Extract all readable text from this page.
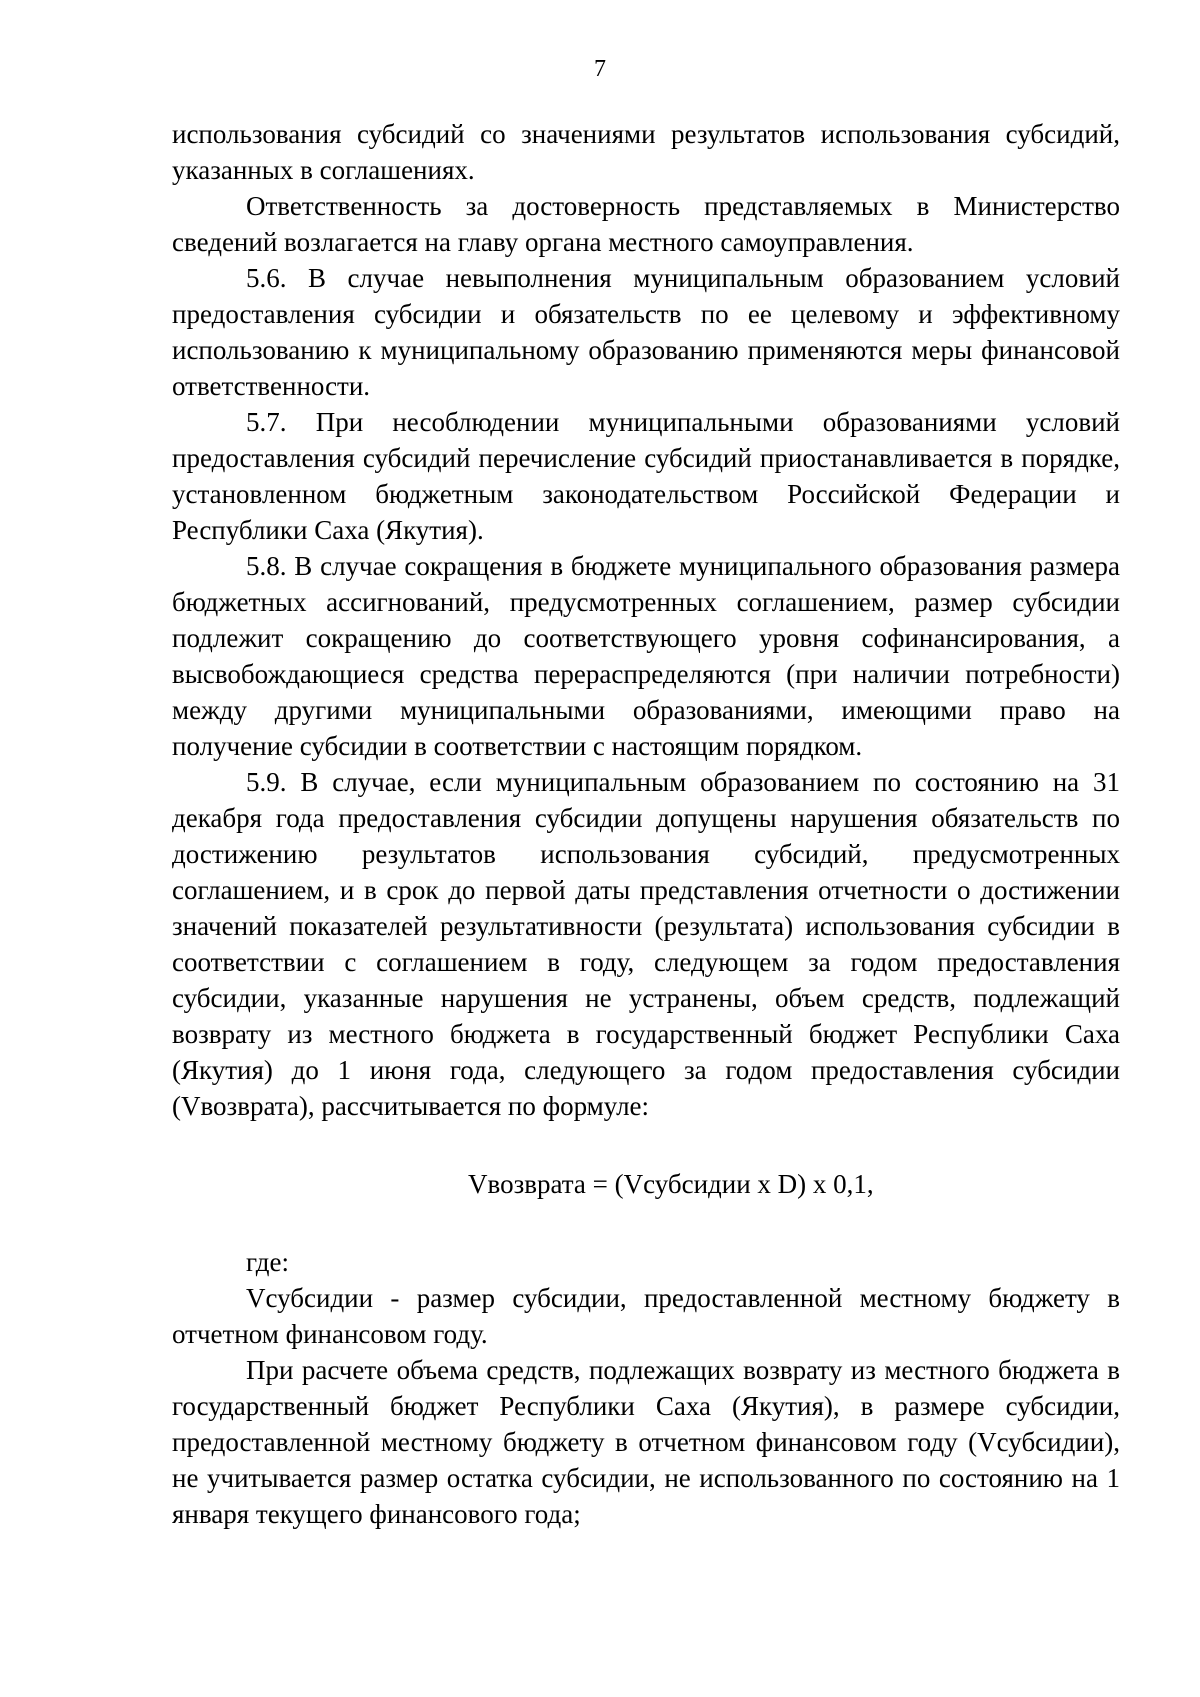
7

использования субсидий со значениями результатов использования субсидий, указанных в соглашениях.

Ответственность за достоверность представляемых в Министерство сведений возлагается на главу органа местного самоуправления.

5.6. В случае невыполнения муниципальным образованием условий предоставления субсидии и обязательств по ее целевому и эффективному использованию к муниципальному образованию применяются меры финансовой ответственности.

5.7. При несоблюдении муниципальными образованиями условий предоставления субсидий перечисление субсидий приостанавливается в порядке, установленном бюджетным законодательством Российской Федерации и Республики Саха (Якутия).

5.8. В случае сокращения в бюджете муниципального образования размера бюджетных ассигнований, предусмотренных соглашением, размер субсидии подлежит сокращению до соответствующего уровня софинансирования, а высвобождающиеся средства перераспределяются (при наличии потребности) между другими муниципальными образованиями, имеющими право на получение субсидии в соответствии с настоящим порядком.

5.9. В случае, если муниципальным образованием по состоянию на 31 декабря года предоставления субсидии допущены нарушения обязательств по достижению результатов использования субсидий, предусмотренных соглашением, и в срок до первой даты представления отчетности о достижении значений показателей результативности (результата) использования субсидии в соответствии с соглашением в году, следующем за годом предоставления субсидии, указанные нарушения не устранены, объем средств, подлежащий возврату из местного бюджета в государственный бюджет Республики Саха (Якутия) до 1 июня года, следующего за годом предоставления субсидии (Vвозврата), рассчитывается по формуле:

Vвозврата = (Vсубсидии x D) x 0,1,

где:

Vсубсидии - размер субсидии, предоставленной местному бюджету в отчетном финансовом году.

При расчете объема средств, подлежащих возврату из местного бюджета в государственный бюджет Республики Саха (Якутия), в размере субсидии, предоставленной местному бюджету в отчетном финансовом году (Vсубсидии), не учитывается размер остатка субсидии, не использованного по состоянию на 1 января текущего финансового года;
